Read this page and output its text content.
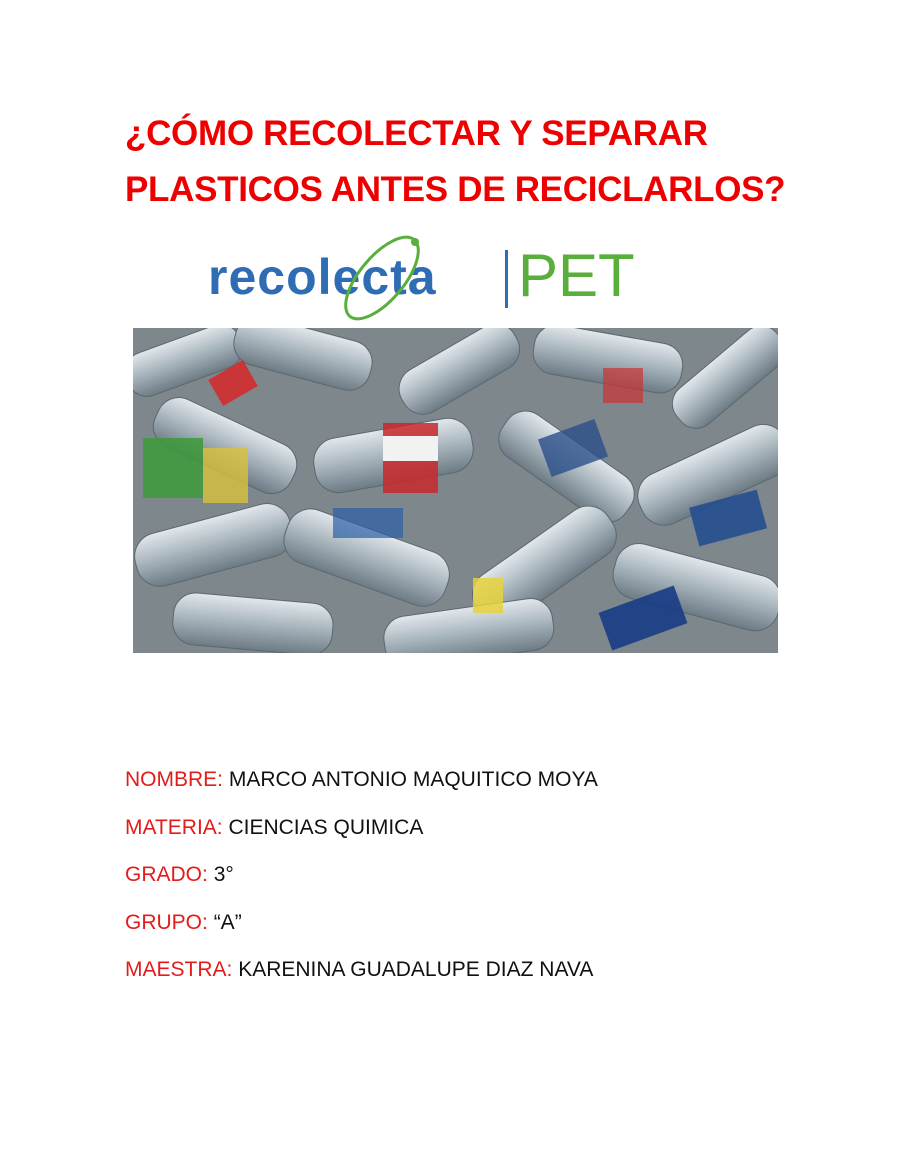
¿CÓMO RECOLECTAR Y SEPARAR
PLASTICOS ANTES DE RECICLARLOS?
recolecta PET
NOMBRE: MARCO ANTONIO MAQUITICO MOYA
MATERIA: CIENCIAS QUIMICA
GRADO: 3°
GRUPO: “A”
MAESTRA: KARENINA GUADALUPE DIAZ NAVA
